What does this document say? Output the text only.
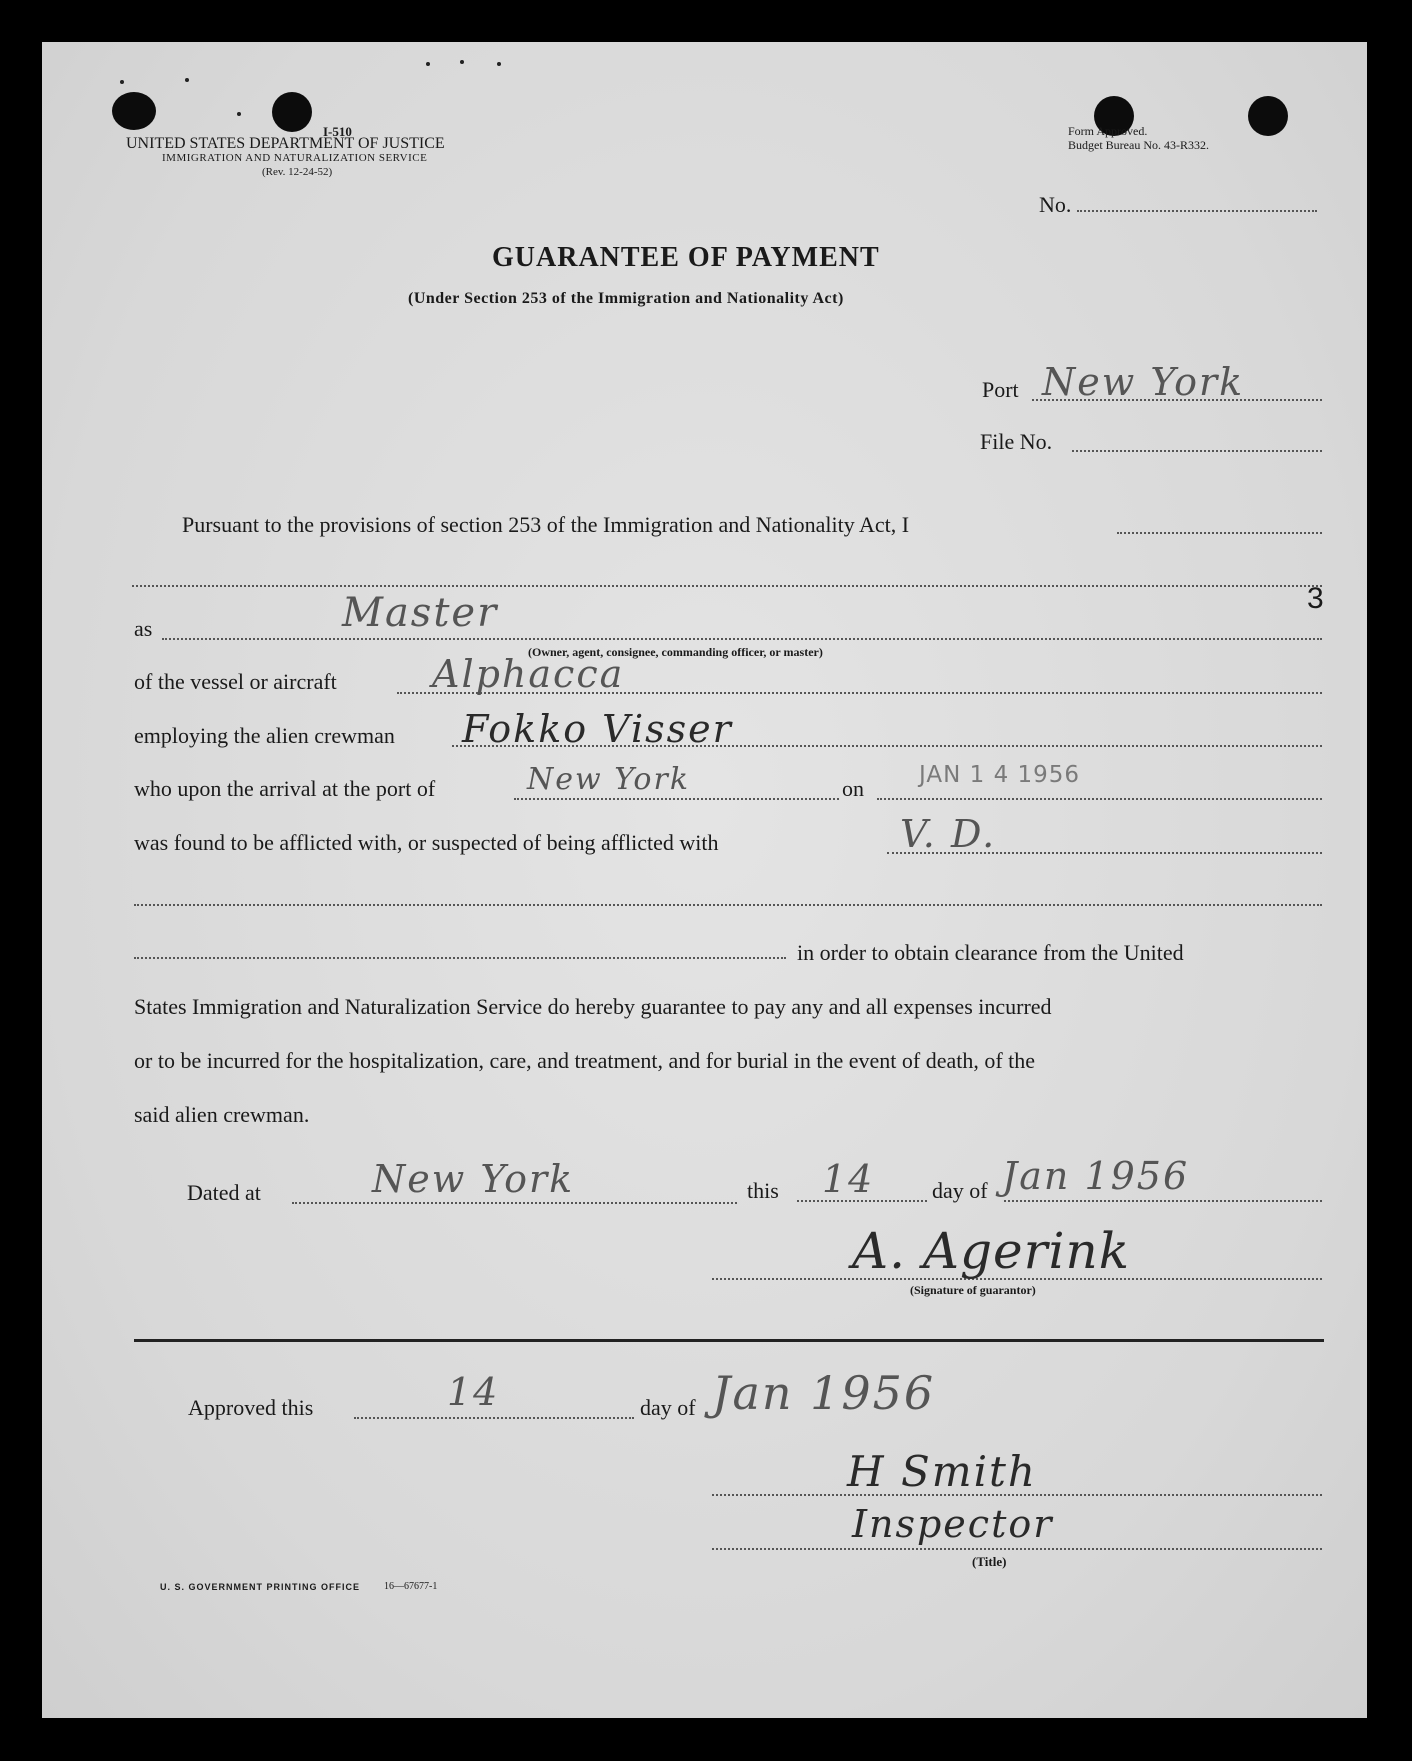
I-510
UNITED STATES DEPARTMENT OF JUSTICE
IMMIGRATION AND NATURALIZATION SERVICE
(Rev. 12-24-52)
Form Approved.
Budget Bureau No. 43-R332.
No.
GUARANTEE OF PAYMENT
(Under Section 253 of the Immigration and Nationality Act)
Port New York
File No.
3
Pursuant to the provisions of section 253 of the Immigration and Nationality Act, I
as	Master
(Owner, agent, consignee, commanding officer, or master)
of the vessel or aircraft	Alphacca
employing the alien crewman Fokko Visser
who upon the arrival at the port of	New York	on
JAN 1 4 1956
was found to be afflicted with, or suspected of being afflicted with	V. D.
in order to obtain clearance from the United
States Immigration and Naturalization Service do hereby guarantee to pay any and all expenses incurred
or to be incurred for the hospitalization, care, and treatment, and for burial in the event of death, of the
said alien crewman.
Dated at	New York	this 14	day of Jan 1956
A. Agerink
(Signature of guarantor)
Approved this	14	day of Jan 1956
H Smith
Inspector
(Title)
U. S. GOVERNMENT PRINTING OFFICE 16—67677-1
